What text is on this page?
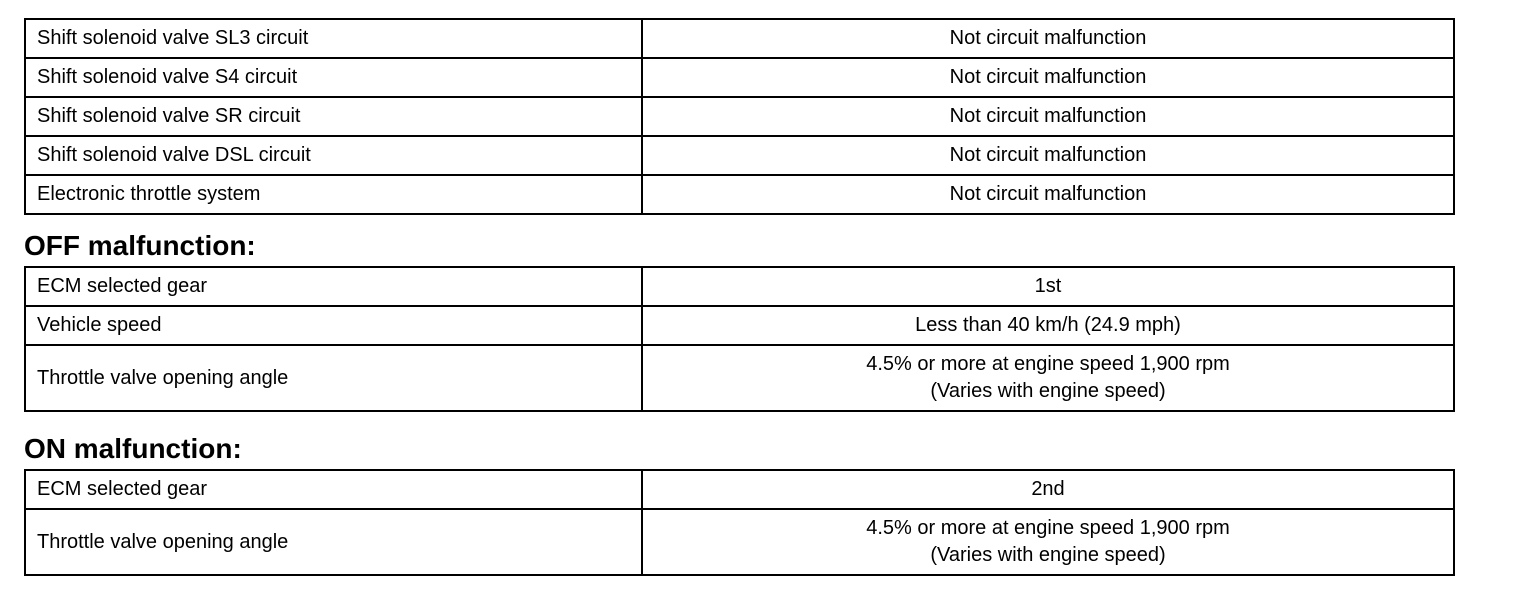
Shift solenoid valve SL3 circuit	Not circuit malfunction
Shift solenoid valve S4 circuit	Not circuit malfunction
Shift solenoid valve SR circuit	Not circuit malfunction
Shift solenoid valve DSL circuit	Not circuit malfunction
Electronic throttle system	Not circuit malfunction
OFF malfunction:
ECM selected gear	1st
Vehicle speed	Less than 40 km/h (24.9 mph)
Throttle valve opening angle	4.5% or more at engine speed 1,900 rpm
(Varies with engine speed)
ON malfunction:
ECM selected gear	2nd
Throttle valve opening angle	4.5% or more at engine speed 1,900 rpm
(Varies with engine speed)
